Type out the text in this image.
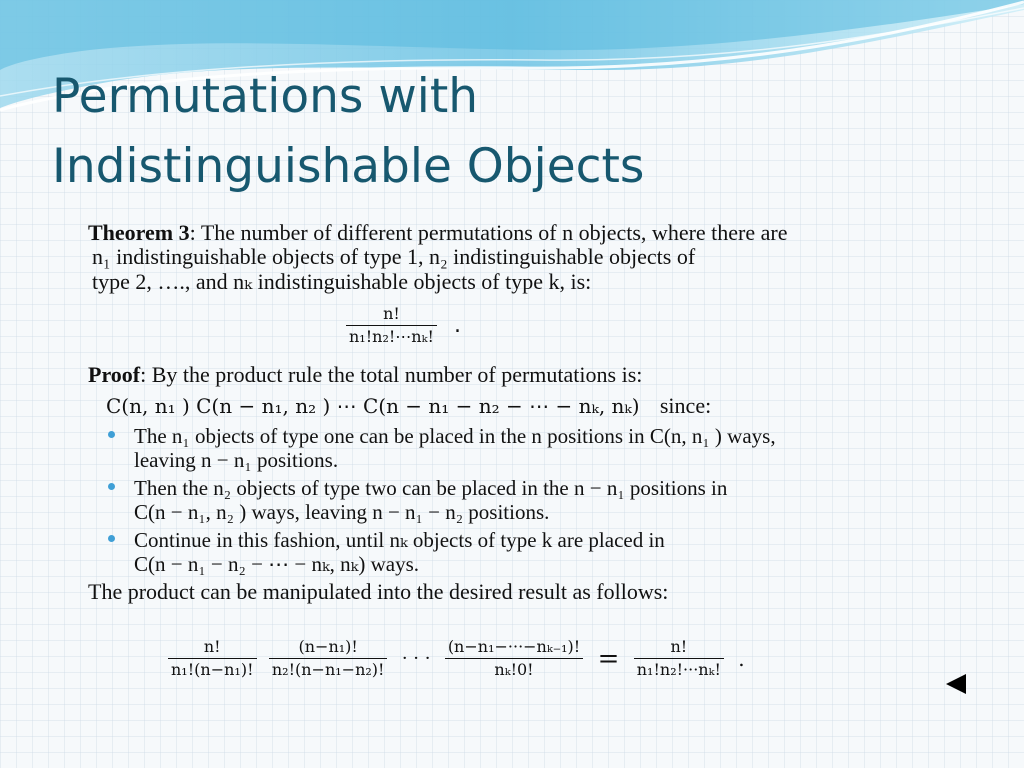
Permutations with
Indistinguishable Objects
Theorem 3: The number of different permutations of n objects, where there are
n₁ indistinguishable objects of type 1, n₂ indistinguishable objects of
type 2, …., and nₖ indistinguishable objects of type k, is:
$\frac{n!}{\text{n₁!n₂!⋯nₖ!}}$ .
Proof: By the product rule the total number of permutations is:
C(n, n₁ ) C(n − n₁, n₂ ) ⋯ C(n − n₁ − n₂ − ⋯ − nₖ, nₖ) since:
The n₁ objects of type one can be placed in the n positions in C(n, n₁ ) ways,
leaving n − n₁ positions.
Then the n₂ objects of type two can be placed in the n − n₁ positions in
C(n − n₁, n₂ ) ways, leaving n − n₁ − n₂ positions.
Continue in this fashion, until nₖ objects of type k are placed in
C(n − n₁ − n₂ − ⋯ − nₖ, nₖ) ways.
The product can be manipulated into the desired result as follows:
$\frac{n!}{\text{n₁!(n−n₁)!}}$
$\frac{\text{(n−n₁)!}}{\text{n₂!(n−n₁−n₂)!}}$ · · · $\frac{\text{(n−n₁−···−nₖ₋₁)!}}{\text{nₖ!0!}} = \frac{n!}{\text{n₁!n₂!···nₖ!}}$ .
